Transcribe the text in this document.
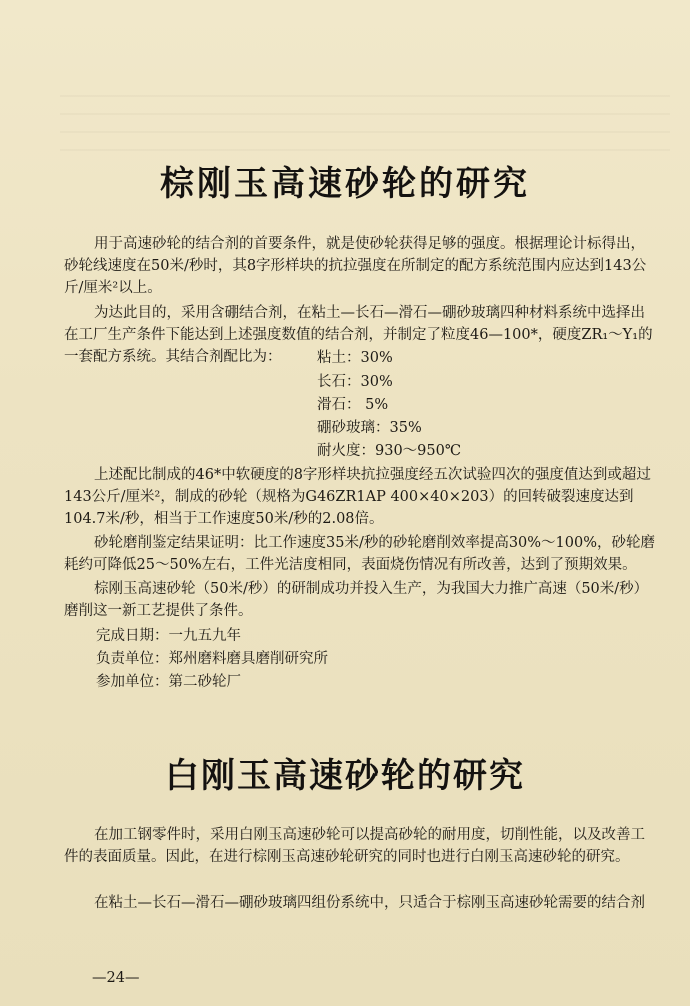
棕刚玉高速砂轮的研究

用于高速砂轮的结合剂的首要条件，就是使砂轮获得足够的强度。根据理论计标得出，砂轮线速度在50米/秒时，其8字形样块的抗拉强度在所制定的配方系统范围内应达到143公斤/厘米²以上。

为达此目的，采用含硼结合剂，在粘土—长石—滑石—硼砂玻璃四种材料系统中选择出在工厂生产条件下能达到上述强度数值的结合剂，并制定了粒度46—100*，硬度ZR₁～Y₁的一套配方系统。其结合剂配比为：	粘土：30%
长石：30%
滑石： 5%
硼砂玻璃：35%
耐火度：930～950℃

上述配比制成的46*中软硬度的8字形样块抗拉强度经五次试验四次的强度值达到或超过143公斤/厘米²，制成的砂轮（规格为G46ZR1AP 400×40×203）的回转破裂速度达到104.7米/秒，相当于工作速度50米/秒的2.08倍。

砂轮磨削鉴定结果证明：比工作速度35米/秒的砂轮磨削效率提高30%～100%，砂轮磨耗约可降低25～50%左右，工件光洁度相同，表面烧伤情况有所改善，达到了预期效果。

棕刚玉高速砂轮（50米/秒）的研制成功并投入生产，为我国大力推广高速（50米/秒）磨削这一新工艺提供了条件。

完成日期：一九五九年
负责单位：郑州磨料磨具磨削研究所
参加单位：第二砂轮厂
白刚玉高速砂轮的研究

在加工钢零件时，采用白刚玉高速砂轮可以提高砂轮的耐用度，切削性能，以及改善工件的表面质量。因此，在进行棕刚玉高速砂轮研究的同时也进行白刚玉高速砂轮的研究。

在粘土—长石—滑石—硼砂玻璃四组份系统中，只适合于棕刚玉高速砂轮需要的结合剂

—24—
